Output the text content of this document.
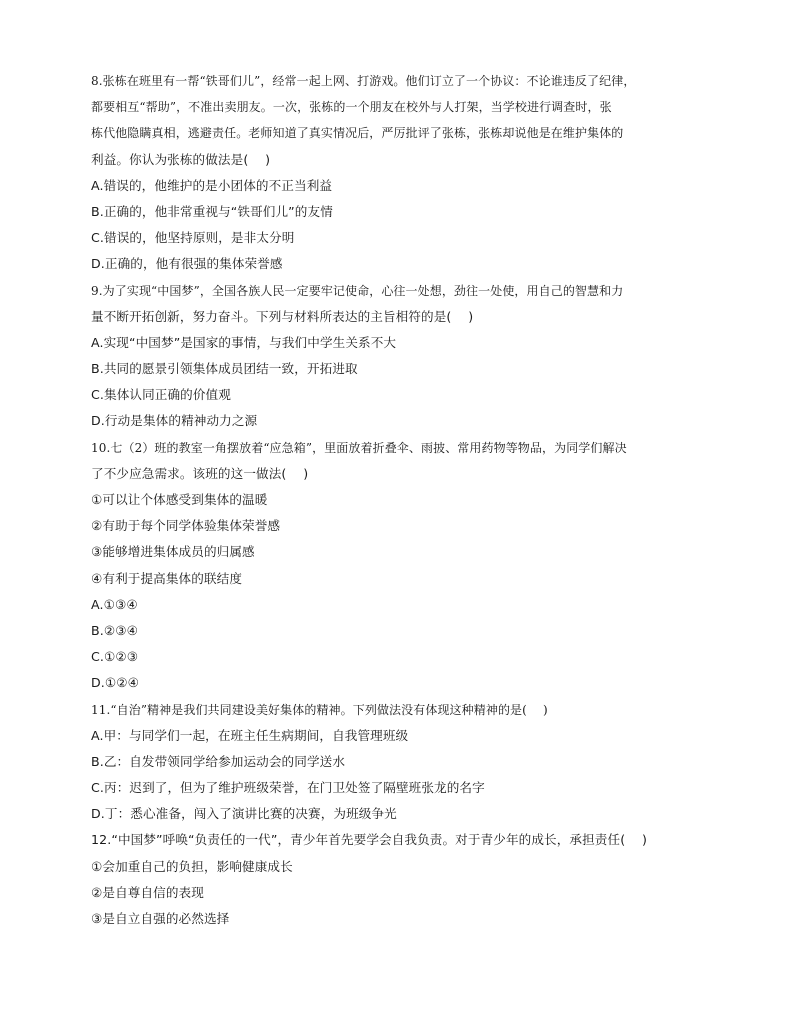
8.张栋在班里有一帮“铁哥们儿”，经常一起上网、打游戏。他们订立了一个协议：不论谁违反了纪律，
都要相互“帮助”，不准出卖朋友。一次，张栋的一个朋友在校外与人打架，当学校进行调查时，张
栋代他隐瞒真相，逃避责任。老师知道了真实情况后，严厉批评了张栋，张栋却说他是在维护集体的
利益。你认为张栋的做法是(　 )
A.错误的，他维护的是小团体的不正当利益
B.正确的，他非常重视与“铁哥们儿”的友情
C.错误的，他坚持原则，是非太分明
D.正确的，他有很强的集体荣誉感
9.为了实现“中国梦”，全国各族人民一定要牢记使命，心往一处想，劲往一处使，用自己的智慧和力
量不断开拓创新，努力奋斗。下列与材料所表达的主旨相符的是(　 )
A.实现“中国梦”是国家的事情，与我们中学生关系不大
B.共同的愿景引领集体成员团结一致，开拓进取
C.集体认同正确的价值观
D.行动是集体的精神动力之源
10.七（2）班的教室一角摆放着“应急箱”，里面放着折叠伞、雨披、常用药物等物品，为同学们解决
了不少应急需求。该班的这一做法(　 )
①可以让个体感受到集体的温暖
②有助于每个同学体验集体荣誉感
③能够增进集体成员的归属感
④有利于提高集体的联结度
A.①③④
B.②③④
C.①②③
D.①②④
11.“自治”精神是我们共同建设美好集体的精神。下列做法没有体现这种精神的是(　 )
A.甲：与同学们一起，在班主任生病期间，自我管理班级
B.乙：自发带领同学给参加运动会的同学送水
C.丙：迟到了，但为了维护班级荣誉，在门卫处签了隔壁班张龙的名字
D.丁：悉心准备，闯入了演讲比赛的决赛，为班级争光
12.“中国梦”呼唤“负责任的一代”，青少年首先要学会自我负责。对于青少年的成长，承担责任(　 )
①会加重自己的负担，影响健康成长
②是自尊自信的表现
③是自立自强的必然选择
